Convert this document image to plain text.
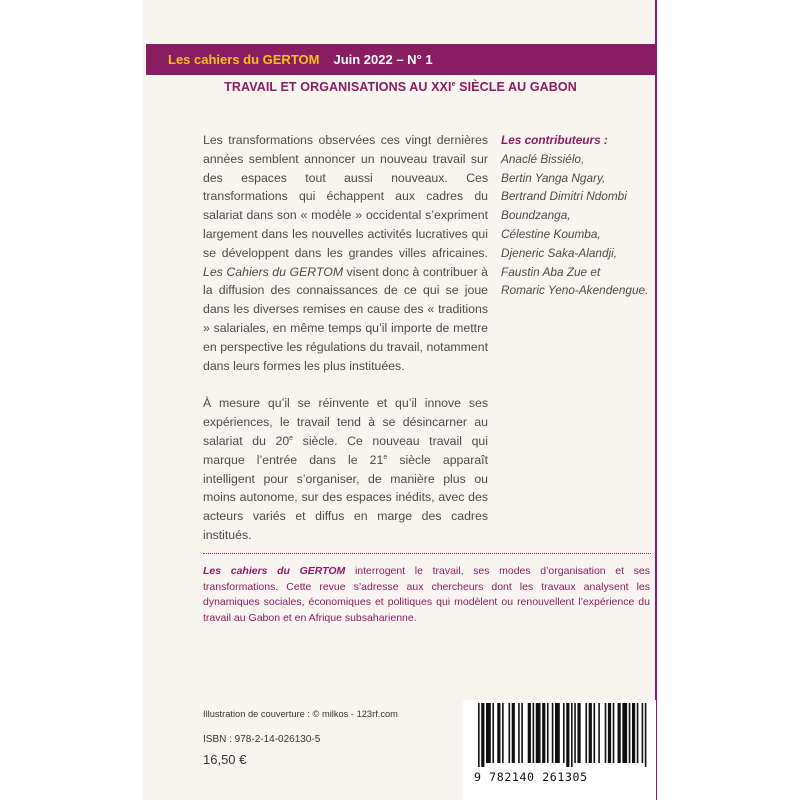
Les cahiers du GERTOM Juin 2022 – N° 1
TRAVAIL ET ORGANISATIONS AU XXIe SIÈCLE AU GABON

Les transformations observées ces vingt dernières années semblent annoncer un nouveau travail sur des espaces tout aussi nouveaux. Ces transformations qui échappent aux cadres du salariat dans son « modèle » occidental s’expriment largement dans les nouvelles activités lucratives qui se développent dans les grandes villes africaines. Les Cahiers du GERTOM visent donc à contribuer à la diffusion des connaissances de ce qui se joue dans les diverses remises en cause des « traditions » salariales, en même temps qu’il importe de mettre en perspective les régulations du travail, notamment dans leurs formes les plus instituées.

À mesure qu’il se réinvente et qu’il innove ses expériences, le travail tend à se désincarner au salariat du 20e siècle. Ce nouveau travail qui marque l’entrée dans le 21e siècle apparaît intelligent pour s’organiser, de manière plus ou moins autonome, sur des espaces inédits, avec des acteurs variés et diffus en marge des cadres institués.

Les contributeurs :
Anaclé Bissiélo,
Bertin Yanga Ngary,
Bertrand Dimitri Ndombi
Boundzanga,
Célestine Koumba,
Djeneric Saka-Alandji,
Faustin Aba Zue et
Romaric Yeno-Akendengue.
Les cahiers du GERTOM interrogent le travail, ses modes d’organisation et ses transformations. Cette revue s’adresse aux chercheurs dont les travaux analysent les dynamiques sociales, économiques et politiques qui modèlent ou renouvellent l’expérience du travail au Gabon et en Afrique subsaharienne.
Illustration de couverture : © milkos - 123rf.com
ISBN : 978-2-14-026130-5
16,50 €
9 782140 261305
